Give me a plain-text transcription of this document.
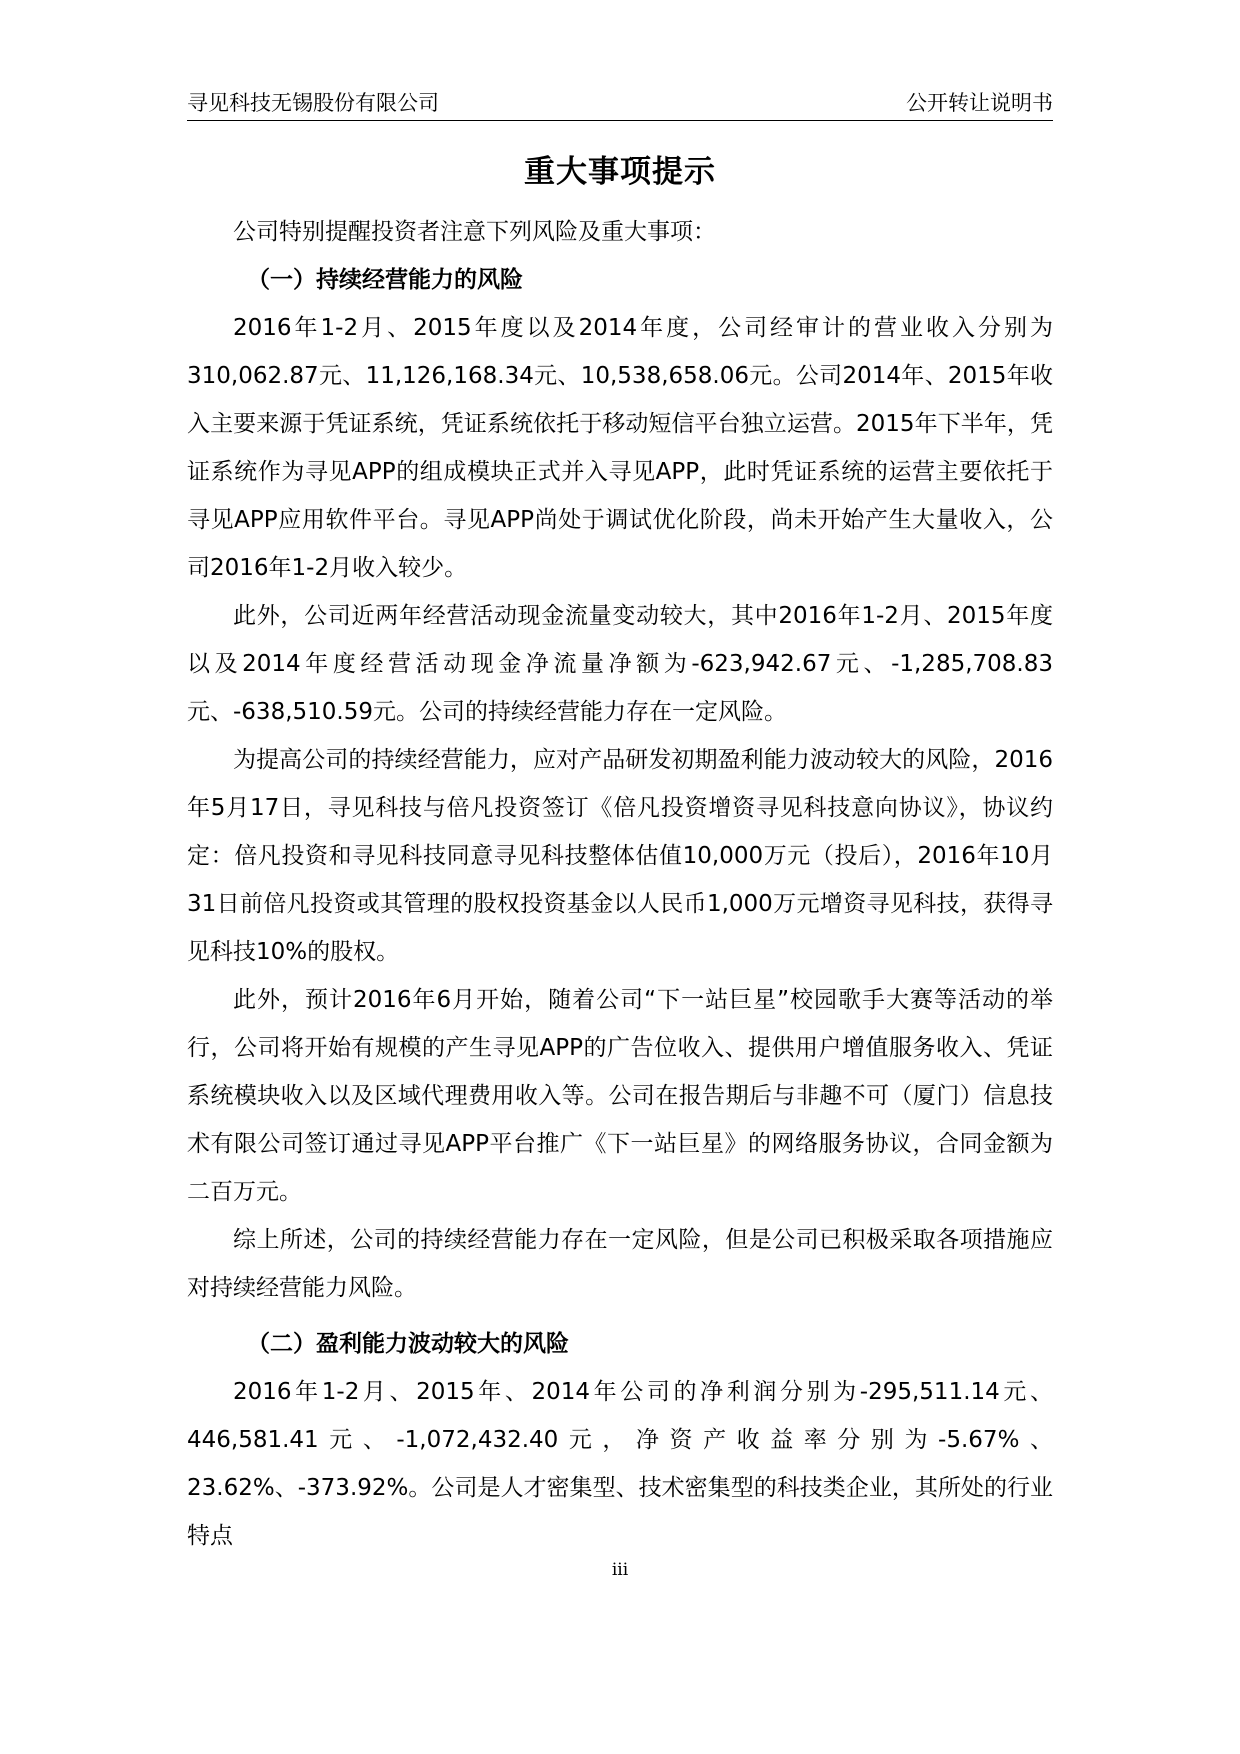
寻见科技无锡股份有限公司	公开转让说明书
重大事项提示

公司特别提醒投资者注意下列风险及重大事项：

（一）持续经营能力的风险

2016年1-2月、2015年度以及2014年度，公司经审计的营业收入分别为310,062.87元、11,126,168.34元、10,538,658.06元。公司2014年、2015年收入主要来源于凭证系统，凭证系统依托于移动短信平台独立运营。2015年下半年，凭证系统作为寻见APP的组成模块正式并入寻见APP，此时凭证系统的运营主要依托于寻见APP应用软件平台。寻见APP尚处于调试优化阶段，尚未开始产生大量收入，公司2016年1-2月收入较少。

此外，公司近两年经营活动现金流量变动较大，其中2016年1-2月、2015年度以及2014年度经营活动现金净流量净额为-623,942.67元、-1,285,708.83元、-638,510.59元。公司的持续经营能力存在一定风险。

为提高公司的持续经营能力，应对产品研发初期盈利能力波动较大的风险，2016年5月17日，寻见科技与倍凡投资签订《倍凡投资增资寻见科技意向协议》，协议约定：倍凡投资和寻见科技同意寻见科技整体估值10,000万元（投后），2016年10月31日前倍凡投资或其管理的股权投资基金以人民币1,000万元增资寻见科技，获得寻见科技10%的股权。

此外，预计2016年6月开始，随着公司“下一站巨星”校园歌手大赛等活动的举行，公司将开始有规模的产生寻见APP的广告位收入、提供用户增值服务收入、凭证系统模块收入以及区域代理费用收入等。公司在报告期后与非趣不可（厦门）信息技术有限公司签订通过寻见APP平台推广《下一站巨星》的网络服务协议，合同金额为二百万元。

综上所述，公司的持续经营能力存在一定风险，但是公司已积极采取各项措施应对持续经营能力风险。

（二）盈利能力波动较大的风险

2016年1-2月、2015年、2014年公司的净利润分别为-295,511.14元、446,581.41元、-1,072,432.40元，净资产收益率分别为-5.67%、23.62%、-373.92%。公司是人才密集型、技术密集型的科技类企业，其所处的行业特点

iii
